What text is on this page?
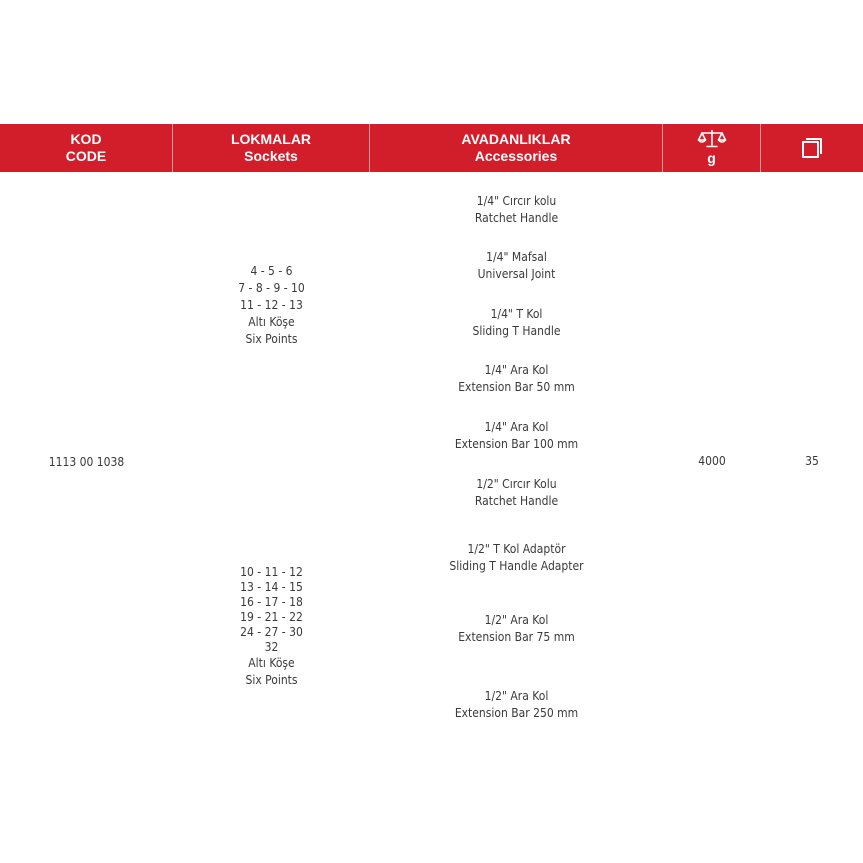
KOD
CODE
LOKMALAR
Sockets
AVADANLIKLAR
Accessories	g
1113 00 1038
4 - 5 - 6
7 - 8 - 9 - 10
11 - 12 - 13
Altı Köşe
Six Points
10 - 11 - 12
13 - 14 - 15
16 - 17 - 18
19 - 21 - 22
24 - 27 - 30
32
Altı Köşe
Six Points
1/4" Cırcır kolu
Ratchet Handle
1/4" Mafsal
Universal Joint
1/4" T Kol
Sliding T Handle
1/4" Ara Kol
Extension Bar 50 mm
1/4" Ara Kol
Extension Bar 100 mm
1/2" Cırcır Kolu
Ratchet Handle
1/2" T Kol Adaptör
Sliding T Handle Adapter
1/2" Ara Kol
Extension Bar 75 mm
1/2" Ara Kol
Extension Bar 250 mm
4000	35
